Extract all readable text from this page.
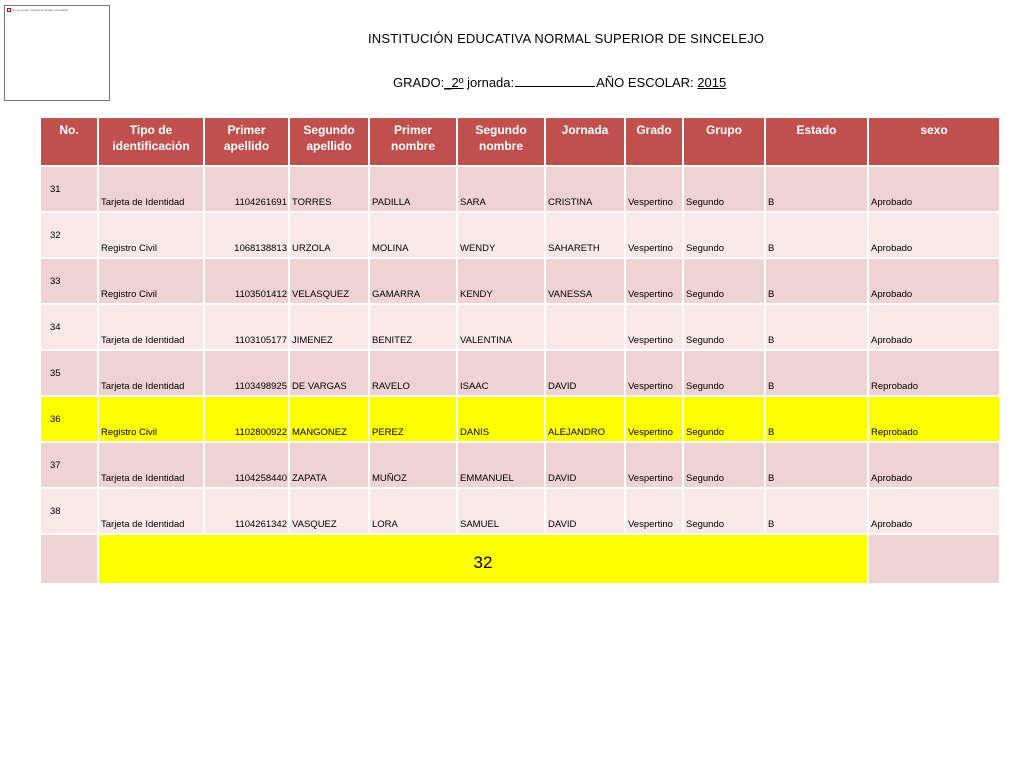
No se puede mostrar la imagen vinculada.
INSTITUCIÓN EDUCATIVA NORMAL SUPERIOR DE SINCELEJO
GRADO:_2º jornada:	AÑO ESCOLAR: 2015
No.	Tipo de identificación	Primer apellido	Segundo apellido	Primer nombre	Segundo nombre	Jornada	Grado	Grupo	Estado	sexo
31	Tarjeta de Identidad	1104261691	TORRES	PADILLA	SARA	CRISTINA	Vespertino	Segundo	B	Aprobado
32	Registro Civil	1068138813	URZOLA	MOLINA	WENDY	SAHARETH	Vespertino	Segundo	B	Aprobado
33	Registro Civil	1103501412	VELASQUEZ	GAMARRA	KENDY	VANESSA	Vespertino	Segundo	B	Aprobado
34	Tarjeta de Identidad	1103105177	JIMENEZ	BENITEZ	VALENTINA		Vespertino	Segundo	B	Aprobado
35	Tarjeta de Identidad	1103498925	DE VARGAS	RAVELO	ISAAC	DAVID	Vespertino	Segundo	B	Reprobado
36	Registro Civil	1102800922	MANGONEZ	PEREZ	DANIS	ALEJANDRO	Vespertino	Segundo	B	Reprobado
37	Tarjeta de Identidad	1104258440	ZAPATA	MUÑOZ	EMMANUEL	DAVID	Vespertino	Segundo	B	Aprobado
38	Tarjeta de Identidad	1104261342	VASQUEZ	LORA	SAMUEL	DAVID	Vespertino	Segundo	B	Aprobado
	32									
